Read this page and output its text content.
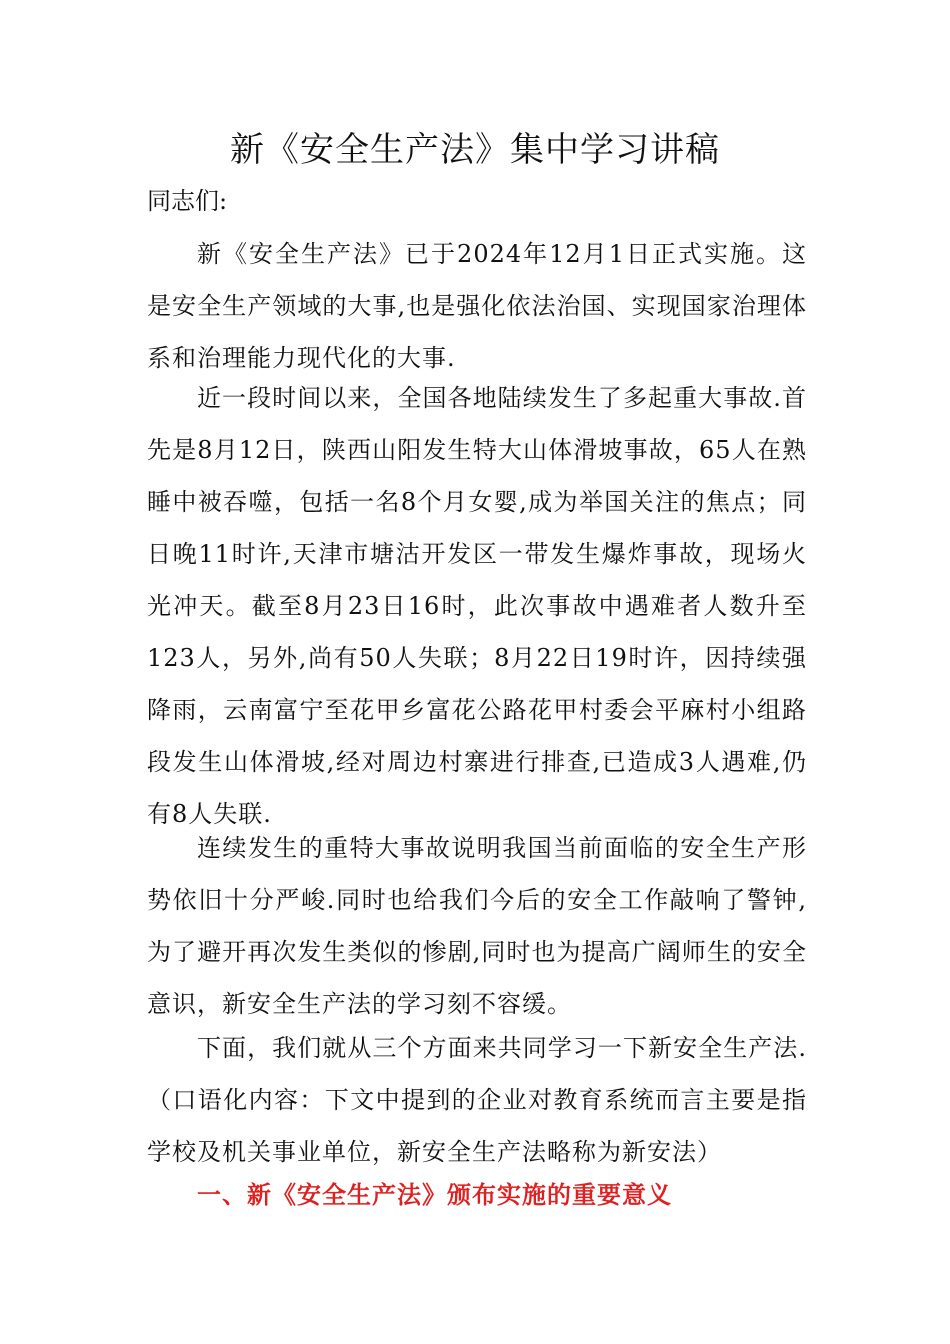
新《安全生产法》集中学习讲稿
同志们:

新《安全生产法》已于2024年12月1日正式实施。这是安全生产领域的大事,也是强化依法治国、实现国家治理体系和治理能力现代化的大事.

近一段时间以来，全国各地陆续发生了多起重大事故.首先是8月12日，陕西山阳发生特大山体滑坡事故，65人在熟睡中被吞噬，包括一名8个月女婴,成为举国关注的焦点；同日晚11时许,天津市塘沽开发区一带发生爆炸事故，现场火光冲天。截至8月23日16时，此次事故中遇难者人数升至123人，另外,尚有50人失联；8月22日19时许，因持续强降雨，云南富宁至花甲乡富花公路花甲村委会平麻村小组路段发生山体滑坡,经对周边村寨进行排查,已造成3人遇难,仍有8人失联.

连续发生的重特大事故说明我国当前面临的安全生产形势依旧十分严峻.同时也给我们今后的安全工作敲响了警钟,为了避开再次发生类似的惨剧,同时也为提高广阔师生的安全意识，新安全生产法的学习刻不容缓。

下面，我们就从三个方面来共同学习一下新安全生产法.（口语化内容：下文中提到的企业对教育系统而言主要是指学校及机关事业单位，新安全生产法略称为新安法）

一、新《安全生产法》颁布实施的重要意义
